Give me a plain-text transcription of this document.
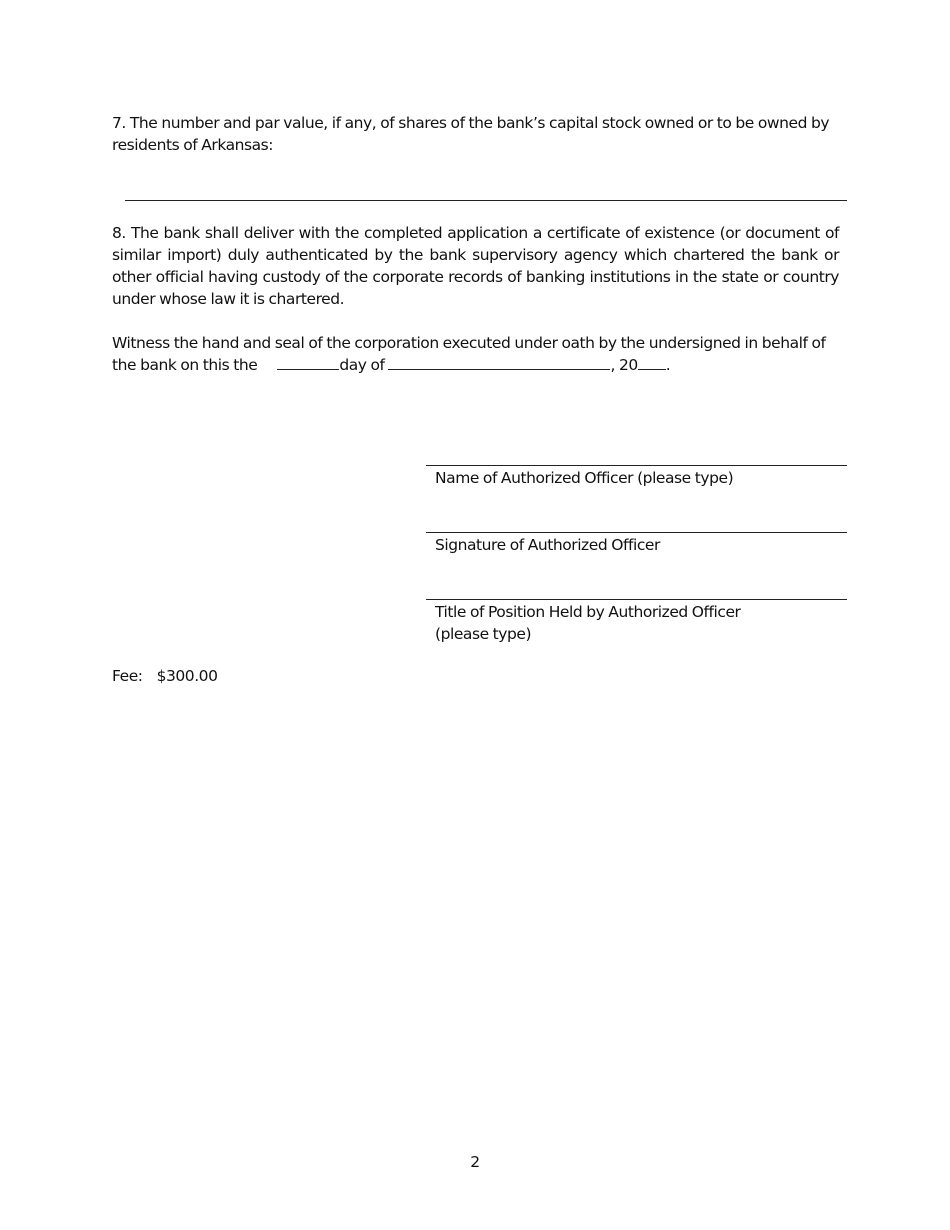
7. The number and par value, if any, of shares of the bank’s capital stock owned or to be owned by residents of Arkansas:

8. The bank shall deliver with the completed application a certificate of existence (or document of similar import) duly authenticated by the bank supervisory agency which chartered the bank or other official having custody of the corporate records of banking institutions in the state or country under whose law it is chartered.

Witness the hand and seal of the corporation executed under oath by the undersigned in behalf of
the bank on this the	day of	, 20 .
Name of Authorized Officer (please type)
Signature of Authorized Officer
Title of Position Held by Authorized Officer
(please type)
Fee: $300.00
2
